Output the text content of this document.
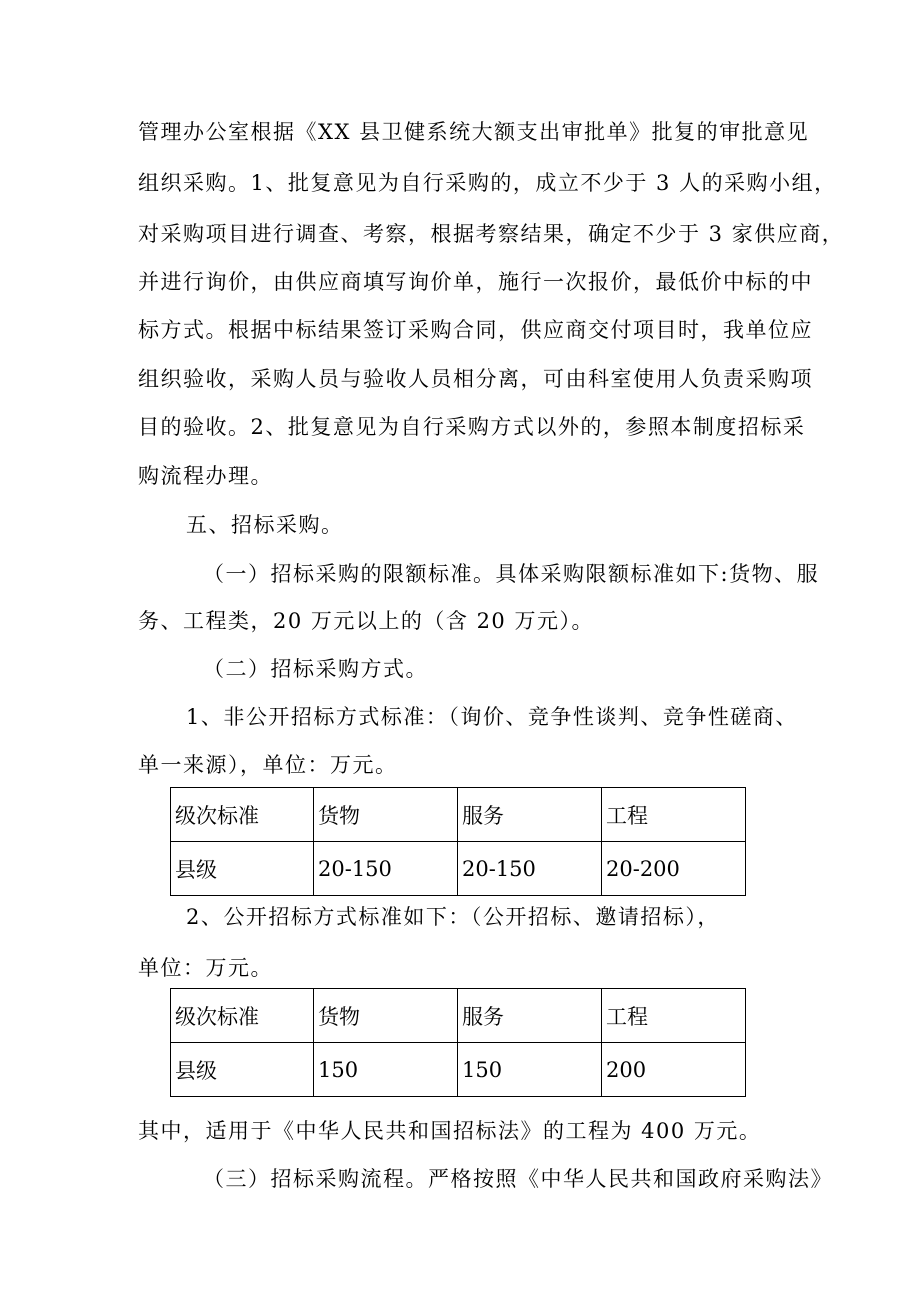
管理办公室根据《XX 县卫健系统大额支出审批单》批复的审批意见
组织采购。1、批复意见为自行采购的，成立不少于 3 人的采购小组，
对采购项目进行调查、考察，根据考察结果，确定不少于 3 家供应商，
并进行询价，由供应商填写询价单，施行一次报价，最低价中标的中
标方式。根据中标结果签订采购合同，供应商交付项目时，我单位应
组织验收，采购人员与验收人员相分离，可由科室使用人负责采购项
目的验收。2、批复意见为自行采购方式以外的，参照本制度招标采
购流程办理。
五、招标采购。
（一）招标采购的限额标准。具体采购限额标准如下:货物、服
务、工程类，20 万元以上的（含 20 万元）。
（二）招标采购方式。
1、非公开招标方式标准：（询价、竞争性谈判、竞争性磋商、
单一来源），单位：万元。
级次标准	货物	服务	工程
县级	20-150	20-150	20-200
2、公开招标方式标准如下：（公开招标、邀请招标），
单位：万元。
级次标准	货物	服务	工程
县级	150	150	200
其中，适用于《中华人民共和国招标法》的工程为 400 万元。
（三）招标采购流程。严格按照《中华人民共和国政府采购法》
